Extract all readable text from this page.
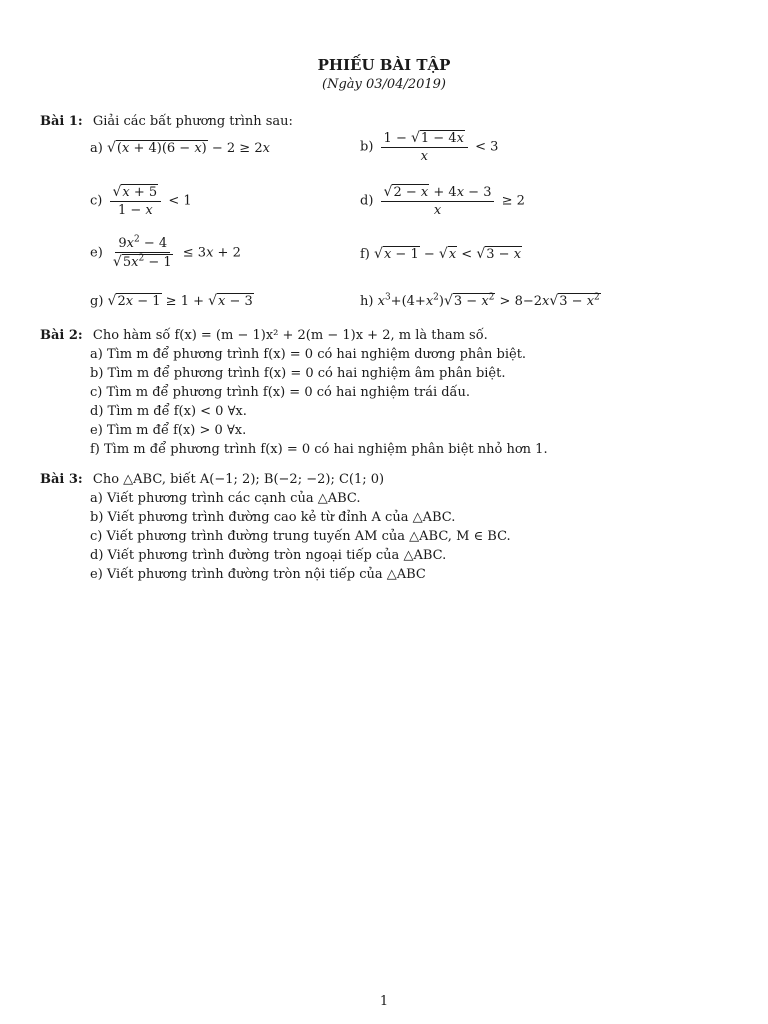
PHIẾU BÀI TẬP
(Ngày 03/04/2019)
Bài 1: Giải các bất phương trình sau:
a) √(x + 4)(6 − x) − 2 ≥ 2x	$b) \frac{1 - √1 - 4x}{x} < 3$
$c) \frac{√x + 5}{1 - x} < 1$	$d) \frac{√2 - x + 4x - 3}{x} \ge 2$
$e) \frac{9x^2 - 4}{√5x^2 - 1} \le 3x + 2$	f) √x − 1 − √x < √3 − x
g) √2x − 1 ≥ 1 + √x − 3	h) $x^3+(4+x^2)√3 - x^2 > 8-2x√3 - x^2$
Bài 2: Cho hàm số f(x) = (m − 1)x² + 2(m − 1)x + 2, m là tham số.
a) Tìm m để phương trình f(x) = 0 có hai nghiệm dương phân biệt.
b) Tìm m để phương trình f(x) = 0 có hai nghiệm âm phân biệt.
c) Tìm m để phương trình f(x) = 0 có hai nghiệm trái dấu.
d) Tìm m để f(x) < 0 ∀x.
e) Tìm m để f(x) > 0 ∀x.
f) Tìm m để phương trình f(x) = 0 có hai nghiệm phân biệt nhỏ hơn 1.
Bài 3: Cho △ABC, biết A(−1; 2); B(−2; −2); C(1; 0)
a) Viết phương trình các cạnh của △ABC.
b) Viết phương trình đường cao kẻ từ đỉnh A của △ABC.
c) Viết phương trình đường trung tuyến AM của △ABC, M ∈ BC.
d) Viết phương trình đường tròn ngoại tiếp của △ABC.
e) Viết phương trình đường tròn nội tiếp của △ABC
1
